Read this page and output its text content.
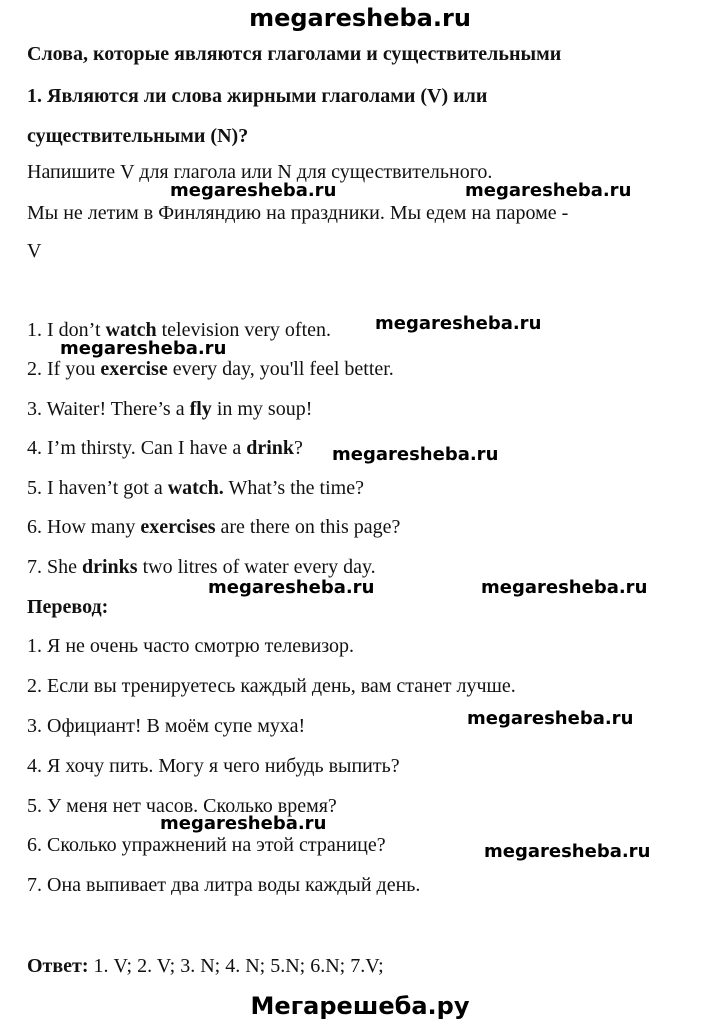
megaresheba.ru
Слова, которые являются глаголами и существительными
1. Являются ли слова жирными глаголами (V) или
существительными (N)?
Напишите V для глагола или N для существительного.
Мы не летим в Финляндию на праздники. Мы едем на пароме -
V
1. I don’t watch television very often.
2. If you exercise every day, you'll feel better.
3. Waiter! There’s a fly in my soup!
4. I’m thirsty. Can I have a drink?
5. I haven’t got a watch. What’s the time?
6. How many exercises are there on this page?
7. She drinks two litres of water every day.
Перевод:
1. Я не очень часто смотрю телевизор.
2. Если вы тренируетесь каждый день, вам станет лучше.
3. Официант! В моём супе муха!
4. Я хочу пить. Могу я чего нибудь выпить?
5. У меня нет часов. Сколько время?
6. Сколько упражнений на этой странице?
7. Она выпивает два литра воды каждый день.
Ответ: 1. V; 2. V; 3. N; 4. N; 5.N; 6.N; 7.V;
Мегарешеба.ру
megaresheba.ru	megaresheba.ru
megaresheba.ru
megaresheba.ru
megaresheba.ru
megaresheba.ru	megaresheba.ru
megaresheba.ru
megaresheba.ru
megaresheba.ru
